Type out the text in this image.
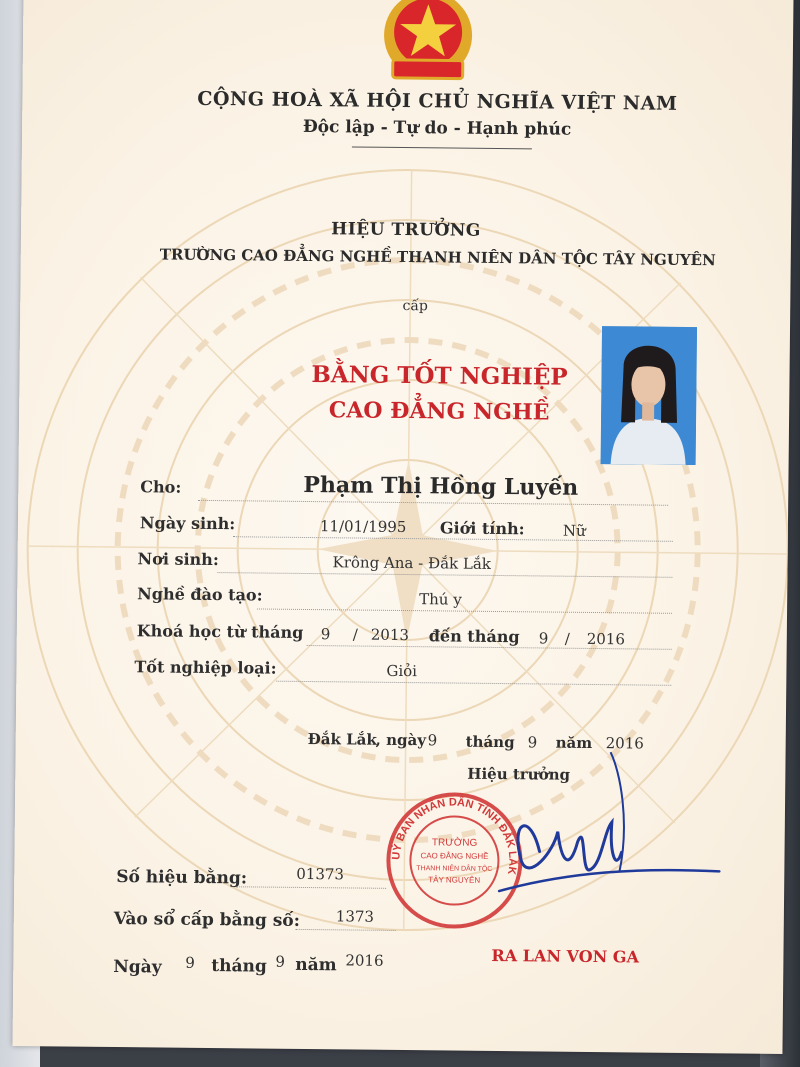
CỘNG HOÀ XÃ HỘI CHỦ NGHĨA VIỆT NAM
Độc lập - Tự do - Hạnh phúc
HIỆU TRƯỞNG
TRƯỜNG CAO ĐẲNG NGHỀ THANH NIÊN DÂN TỘC TÂY NGUYÊN
cấp
BẰNG TỐT NGHIỆP
CAO ĐẲNG NGHỀ
Cho:	Phạm Thị Hồng Luyến
Ngày sinh:	11/01/1995 Giới tính:	Nữ
Nơi sinh:	Krông Ana - Đắk Lắk
Nghề đào tạo:	Thú y
Khoá học từ tháng 9 / 2013 đến tháng 9 / 2016
Tốt nghiệp loại:	Giỏi
Đắk Lắk
, ngày 9 tháng 9 năm 2016
Hiệu trưởng
UỶ BAN NHÂN DÂN TỈNH ĐẮK LẮK
TRƯỜNG
CAO ĐẲNG NGHỀ
THANH NIÊN DÂN TỘC
TÂY NGUYÊN
RA LAN VON GA
Số hiệu bằng:	01373
Vào sổ cấp bằng số: 1373
Ngày 9 tháng 9 năm 2016
